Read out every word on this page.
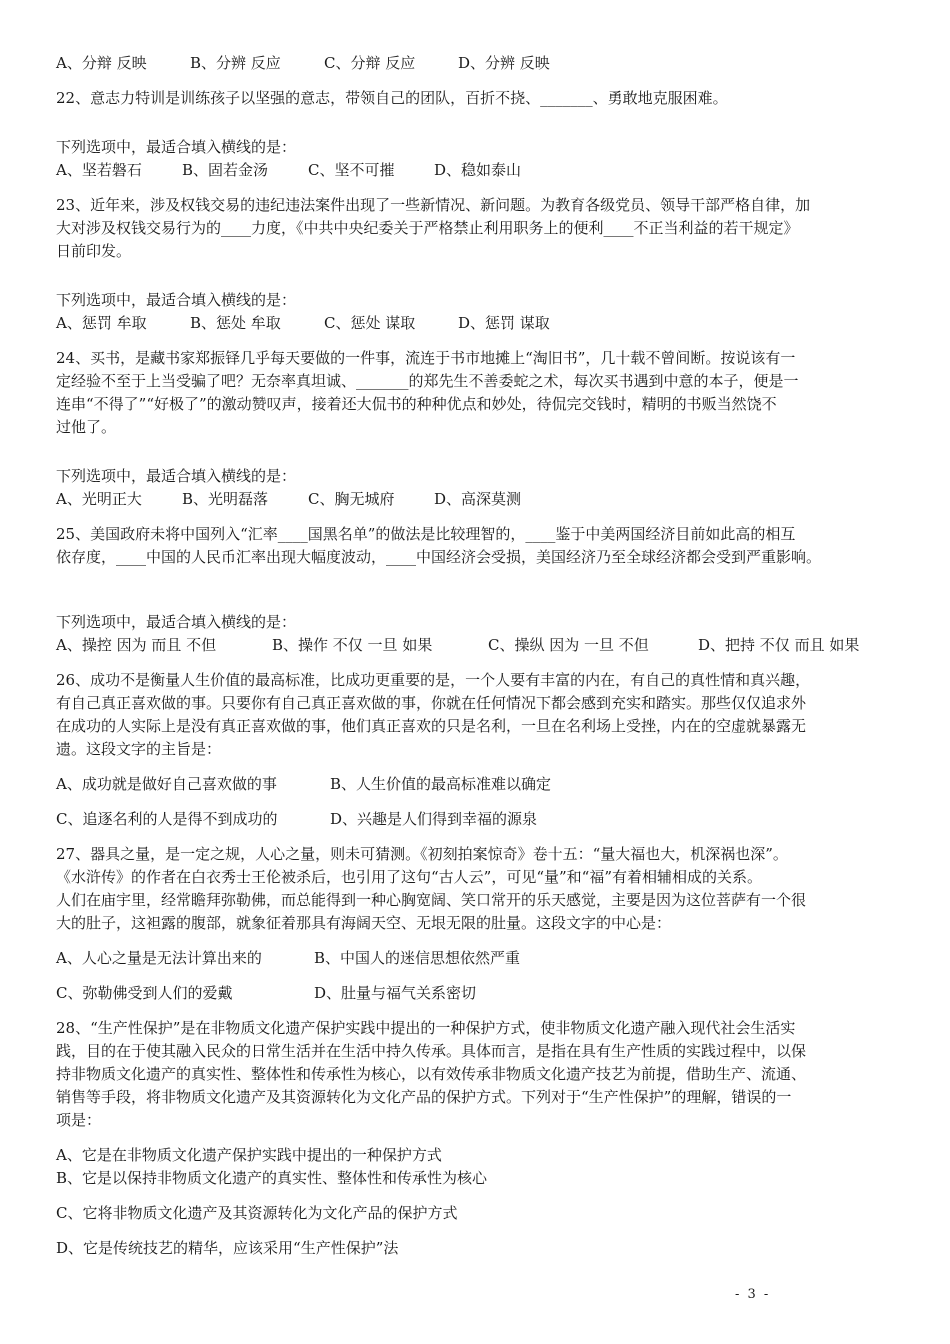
A、分辩 反映	B、分辨 反应	C、分辩 反应	D、分辨 反映
22、意志力特训是训练孩子以坚强的意志，带领自己的团队，百折不挠、_______、勇敢地克服困难。
下列选项中，最适合填入横线的是：
A、坚若磐石	B、固若金汤	C、坚不可摧	D、稳如泰山
23、近年来，涉及权钱交易的违纪违法案件出现了一些新情况、新问题。为教育各级党员、领导干部严格自律，加
大对涉及权钱交易行为的____力度，《中共中央纪委关于严格禁止利用职务上的便利____不正当利益的若干规定》
日前印发。
下列选项中，最适合填入横线的是：
A、惩罚 牟取	B、惩处 牟取	C、惩处 谋取	D、惩罚 谋取
24、买书，是藏书家郑振铎几乎每天要做的一件事，流连于书市地摊上“淘旧书”，几十载不曾间断。按说该有一
定经验不至于上当受骗了吧？无奈率真坦诚、_______的郑先生不善委蛇之术，每次买书遇到中意的本子，便是一
连串“不得了”“好极了”的激动赞叹声，接着还大侃书的种种优点和妙处，待侃完交钱时，精明的书贩当然饶不
过他了。
下列选项中，最适合填入横线的是：
A、光明正大	B、光明磊落	C、胸无城府	D、高深莫测
25、美国政府未将中国列入“汇率____国黑名单”的做法是比较理智的，____鉴于中美两国经济目前如此高的相互
依存度，____中国的人民币汇率出现大幅度波动，____中国经济会受损，美国经济乃至全球经济都会受到严重影响。
下列选项中，最适合填入横线的是：
A、操控 因为 而且 不但	B、操作 不仅 一旦 如果	C、操纵 因为 一旦 不但	D、把持 不仅 而且 如果
26、成功不是衡量人生价值的最高标准，比成功更重要的是，一个人要有丰富的内在，有自己的真性情和真兴趣，
有自己真正喜欢做的事。只要你有自己真正喜欢做的事，你就在任何情况下都会感到充实和踏实。那些仅仅追求外
在成功的人实际上是没有真正喜欢做的事，他们真正喜欢的只是名利，一旦在名利场上受挫，内在的空虚就暴露无
遗。这段文字的主旨是：
A、成功就是做好自己喜欢做的事	B、人生价值的最高标准难以确定
C、追逐名利的人是得不到成功的	D、兴趣是人们得到幸福的源泉
27、器具之量，是一定之规，人心之量，则未可猜测。《初刻拍案惊奇》卷十五：“量大福也大，机深祸也深”。
《水浒传》的作者在白衣秀士王伦被杀后，也引用了这句“古人云”，可见“量”和“福”有着相辅相成的关系。
人们在庙宇里，经常瞻拜弥勒佛，而总能得到一种心胸宽阔、笑口常开的乐天感觉，主要是因为这位菩萨有一个很
大的肚子，这袒露的腹部，就象征着那具有海阔天空、无垠无限的肚量。这段文字的中心是：
A、人心之量是无法计算出来的	B、中国人的迷信思想依然严重
C、弥勒佛受到人们的爱戴	D、肚量与福气关系密切
28、“生产性保护”是在非物质文化遗产保护实践中提出的一种保护方式，使非物质文化遗产融入现代社会生活实
践，目的在于使其融入民众的日常生活并在生活中持久传承。具体而言，是指在具有生产性质的实践过程中，以保
持非物质文化遗产的真实性、整体性和传承性为核心，以有效传承非物质文化遗产技艺为前提，借助生产、流通、
销售等手段，将非物质文化遗产及其资源转化为文化产品的保护方式。下列对于“生产性保护”的理解，错误的一
项是：
A、它是在非物质文化遗产保护实践中提出的一种保护方式
B、它是以保持非物质文化遗产的真实性、整体性和传承性为核心
C、它将非物质文化遗产及其资源转化为文化产品的保护方式
D、它是传统技艺的精华，应该采用“生产性保护”法
- 3 -
